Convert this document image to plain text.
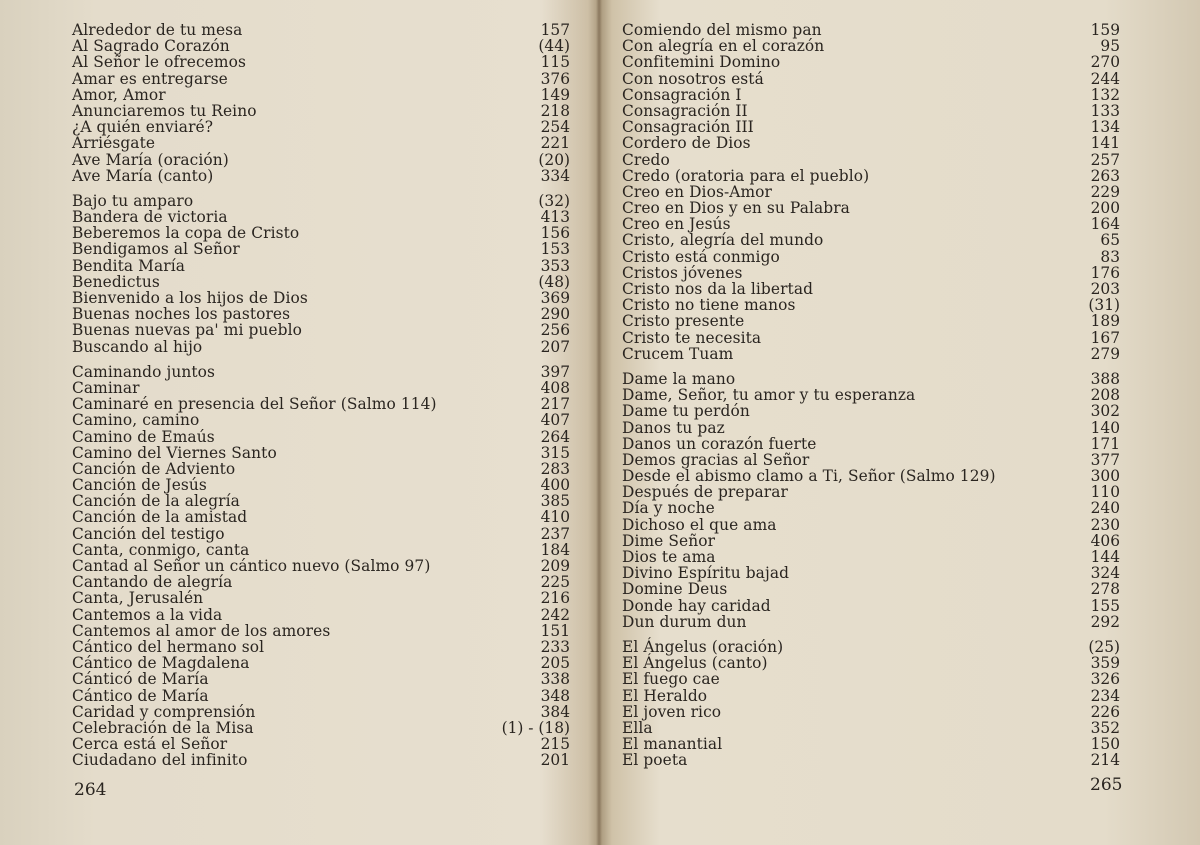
Alrededor de tu mesa	157
Al Sagrado Corazón	(44)
Al Señor le ofrecemos	115
Amar es entregarse	376
Amor, Amor	149
Anunciaremos tu Reino	218
¿A quién enviaré?	254
Arriésgate	221
Ave María (oración)	(20)
Ave María (canto)	334
Bajo tu amparo	(32)
Bandera de victoria	413
Beberemos la copa de Cristo	156
Bendigamos al Señor	153
Bendita María	353
Benedictus	(48)
Bienvenido a los hijos de Dios	369
Buenas noches los pastores	290
Buenas nuevas pa' mi pueblo	256
Buscando al hijo	207
Caminando juntos	397
Caminar	408
Caminaré en presencia del Señor (Salmo 114)	217
Camino, camino	407
Camino de Emaús	264
Camino del Viernes Santo	315
Canción de Adviento	283
Canción de Jesús	400
Canción de la alegría	385
Canción de la amistad	410
Canción del testigo	237
Canta, conmigo, canta	184
Cantad al Señor un cántico nuevo (Salmo 97)	209
Cantando de alegría	225
Canta, Jerusalén	216
Cantemos a la vida	242
Cantemos al amor de los amores	151
Cántico del hermano sol	233
Cántico de Magdalena	205
Cánticó de María	338
Cántico de María	348
Caridad y comprensión	384
Celebración de la Misa	(1) - (18)
Cerca está el Señor	215
Ciudadano del infinito	201
Comiendo del mismo pan	159
Con alegría en el corazón	95
Confitemini Domino	270
Con nosotros está	244
Consagración I	132
Consagración II	133
Consagración III	134
Cordero de Dios	141
Credo	257
Credo (oratoria para el pueblo)	263
Creo en Dios-Amor	229
Creo en Dios y en su Palabra	200
Creo en Jesús	164
Cristo, alegría del mundo	65
Cristo está conmigo	83
Cristos jóvenes	176
Cristo nos da la libertad	203
Cristo no tiene manos	(31)
Cristo presente	189
Cristo te necesita	167
Crucem Tuam	279
Dame la mano	388
Dame, Señor, tu amor y tu esperanza	208
Dame tu perdón	302
Danos tu paz	140
Danos un corazón fuerte	171
Demos gracias al Señor	377
Desde el abismo clamo a Ti, Señor (Salmo 129)	300
Después de preparar	110
Día y noche	240
Dichoso el que ama	230
Dime Señor	406
Dios te ama	144
Divino Espíritu bajad	324
Domine Deus	278
Donde hay caridad	155
Dun durum dun	292
El Ángelus (oración)	(25)
El Ángelus (canto)	359
El fuego cae	326
El Heraldo	234
El joven rico	226
Ella	352
El manantial	150
El poeta	214
264	265
